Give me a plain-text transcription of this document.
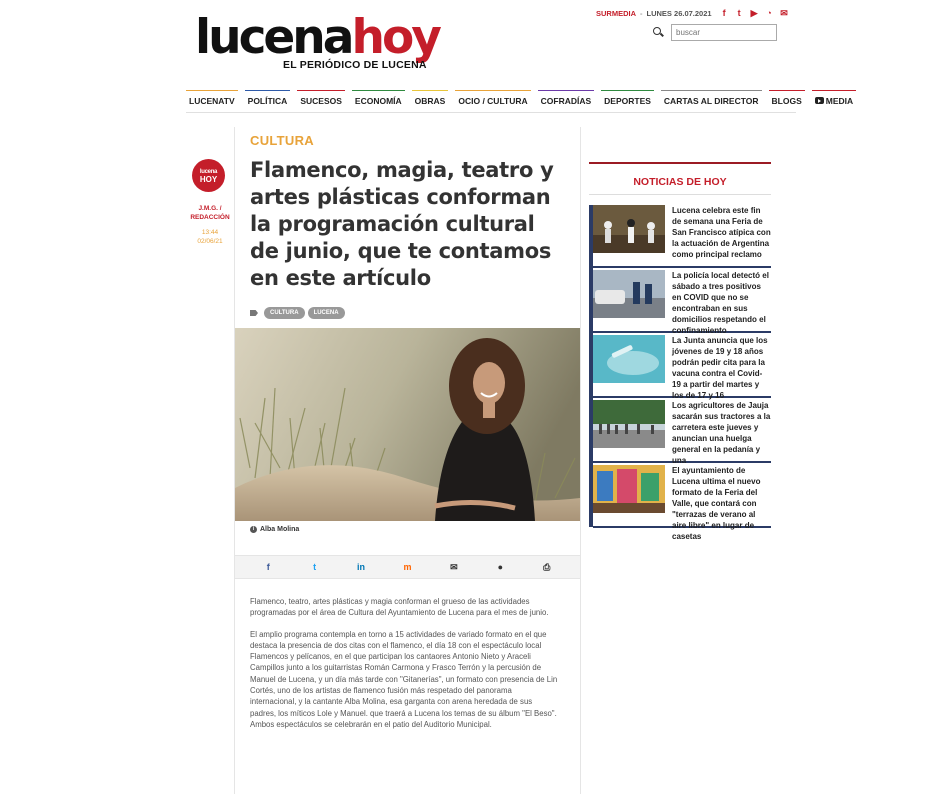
lucenahoy
EL PERIÓDICO DE LUCENA
SURMEDIA - LUNES 26.07.2021	f	t	▶ ◔ ✉
buscar
LUCENATV POLÍTICA SUCESOS ECONOMÍA OBRAS OCIO / CULTURA COFRADÍAS DEPORTES CARTAS AL DIRECTOR BLOGS	MEDIA
lucena
HOY
J.M.G. / REDACCIÓN
13:44
02/06/21
CULTURA
Flamenco, magia, teatro y artes plásticas conforman la programación cultural de junio, que te contamos en este artículo
CULTURA	LUCENA
i Alba Molina
f	t	in	m	✉	●	⎙

Flamenco, teatro, artes plásticas y magia conforman el grueso de las actividades programadas por el área de Cultura del Ayuntamiento de Lucena para el mes de junio.

El amplio programa contempla en torno a 15 actividades de variado formato en el que destaca la presencia de dos citas con el flamenco, el día 18 con el espectáculo local Flamencos y pelícanos, en el que participan los cantaores Antonio Nieto y Araceli Campillos junto a los guitarristas Román Carmona y Frasco Terrón y la percusión de Manuel de Lucena, y un día más tarde con "Gitanerías", un formato con presencia de Lin Cortés, uno de los artistas de flamenco fusión más respetado del panorama internacional, y la cantante Alba Molina, esa garganta con arena heredada de sus padres, los míticos Lole y Manuel. que traerá a Lucena los temas de su álbum "El Beso". Ambos espectáculos se celebrarán en el patio del Auditorio Municipal.

NOTICIAS DE HOY
Lucena celebra este fin de semana una Feria de San Francisco atípica con la actuación de Argentina como principal reclamo
La policía local detectó el sábado a tres positivos en COVID que no se encontraban en sus domicilios respetando el confinamiento
La Junta anuncia que los jóvenes de 19 y 18 años podrán pedir cita para la vacuna contra el Covid-19 a partir del martes y los de 17 y 16
Los agricultores de Jauja sacarán sus tractores a la carretera este jueves y anuncian una huelga general en la pedanía y una
El ayuntamiento de Lucena ultima el nuevo formato de la Feria del Valle, que contará con "terrazas de verano al aire libre" en lugar de casetas
